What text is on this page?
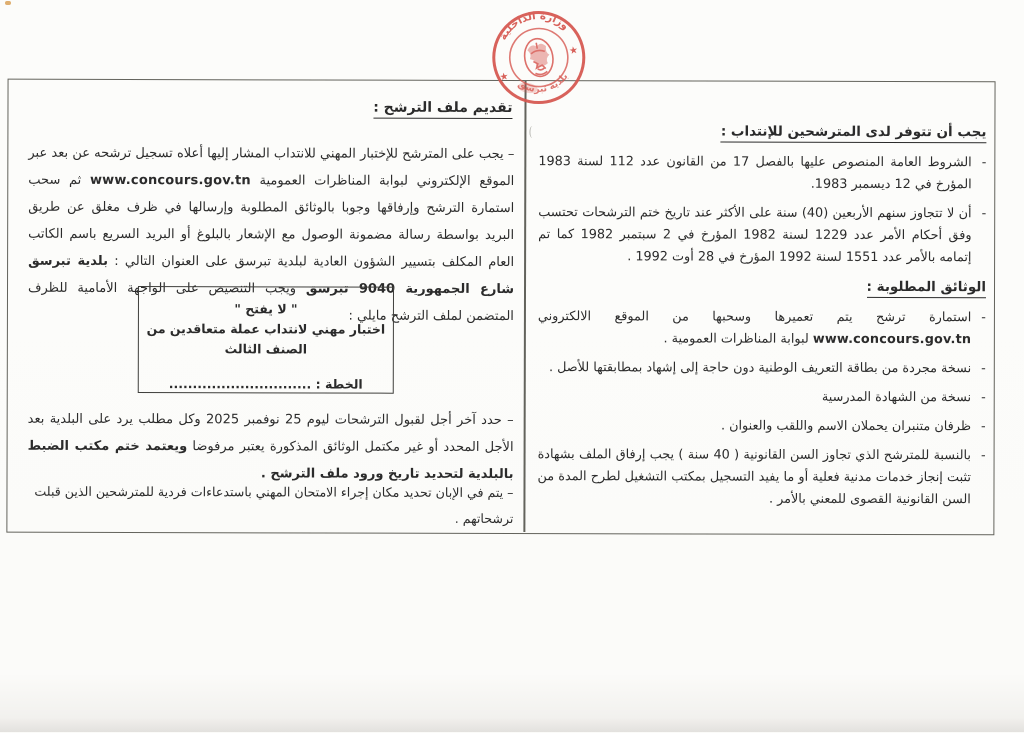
تقديم ملف الترشح :
– يجب على المترشح للإختبار المهني للانتداب المشار إليها أعلاه تسجيل ترشحه عن بعد عبر الموقع الإلكتروني لبوابة المناظرات العمومية www.concours.gov.tn ثم سحب استمارة الترشح وإرفاقها وجوبا بالوثائق المطلوبة وإرسالها في ظرف مغلق عن طريق البريد بواسطة رسالة مضمونة الوصول مع الإشعار بالبلوغ أو البريد السريع باسم الكاتب العام المكلف بتسيير الشؤون العادية لبلدية تبرسق على العنوان التالي : بلدية تبرسق شارع الجمهورية 9040 تبرسق ويجب التنصيص على الواجهة الأمامية للظرف المتضمن لملف الترشح مايلي :
" لا يفتح "
اختبار مهني لانتداب عملة متعاقدين من الصنف الثالث
الخطة : ..............................
– حدد آخر أجل لقبول الترشحات ليوم 25 نوفمبر 2025 وكل مطلب يرد على البلدية بعد الأجل المحدد أو غير مكتمل الوثائق المذكورة يعتبر مرفوضا ويعتمد ختم مكتب الضبط بالبلدية لتحديد تاريخ ورود ملف الترشح .
– يتم في الإبان تحديد مكان إجراء الامتحان المهني باستدعاءات فردية للمترشحين الذين قبلت ترشحاتهم .
يجب أن تتوفر لدى المترشحين للإنتداب :
-
الشروط العامة المنصوص عليها بالفصل 17 من القانون عدد 112 لسنة 1983 المؤرخ في 12 ديسمبر 1983.
-
أن لا تتجاوز سنهم الأربعين (40) سنة على الأكثر عند تاريخ ختم الترشحات تحتسب وفق أحكام الأمر عدد 1229 لسنة 1982 المؤرخ في 2 سبتمبر 1982 كما تم إتمامه بالأمر عدد 1551 لسنة 1992 المؤرخ في 28 أوت 1992 .
الوثائق المطلوبة :
-
استمارة ترشح يتم تعميرها وسحبها من الموقع الالكتروني www.concours.gov.tn لبوابة المناظرات العمومية .
-
نسخة مجردة من بطاقة التعريف الوطنية دون حاجة إلى إشهاد بمطابقتها للأصل .
-
نسخة من الشهادة المدرسية
-
ظرفان متنبران يحملان الاسم واللقب والعنوان .
-
بالنسبة للمترشح الذي تجاوز السن القانونية ( 40 سنة ) يجب إرفاق الملف بشهادة تثبت إنجاز خدمات مدنية فعلية أو ما يفيد التسجيل بمكتب التشغيل لطرح المدة من السن القانونية القصوى للمعني بالأمر .
وزارة الداخلية
بلدية تبرسق
★
★
